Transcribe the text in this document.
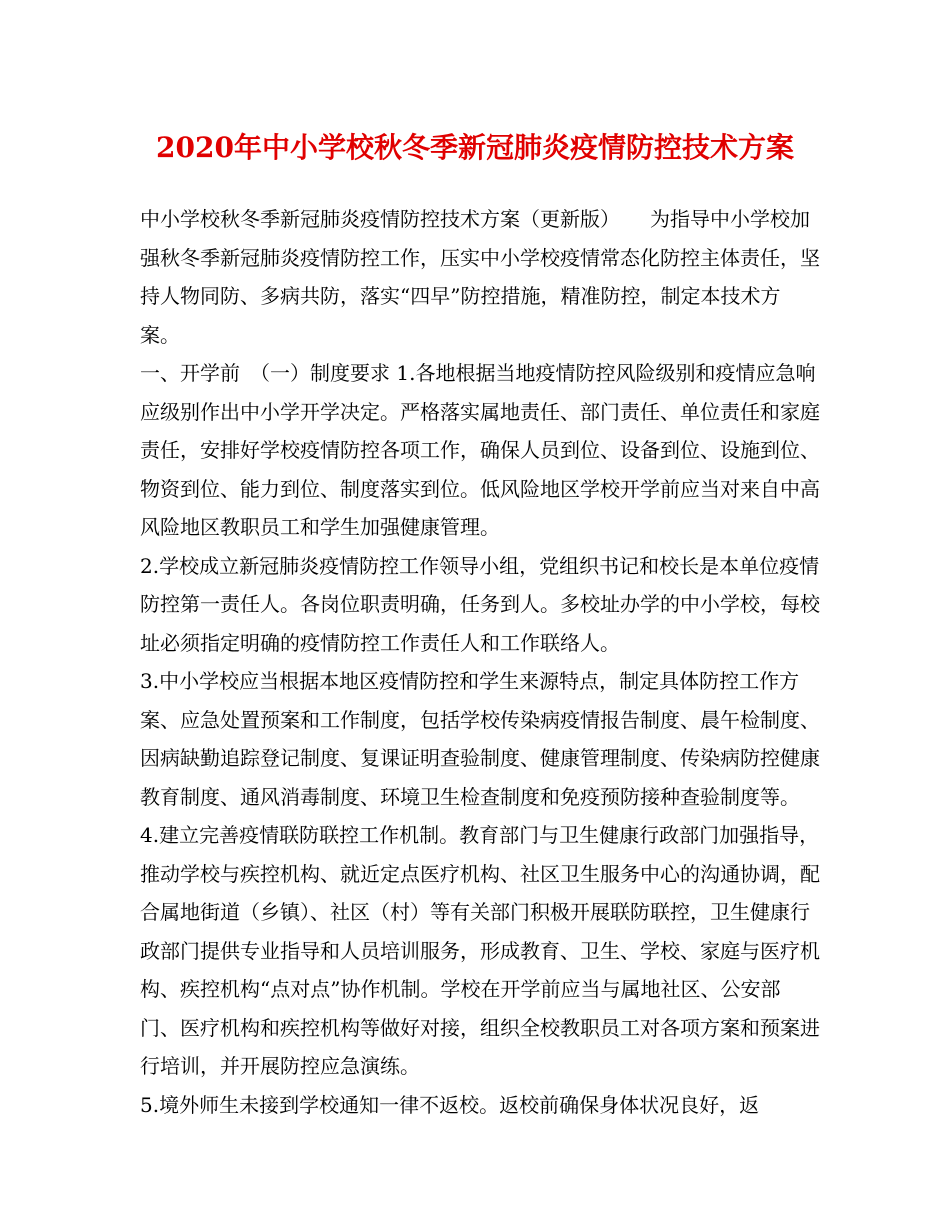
2020年中小学校秋冬季新冠肺炎疫情防控技术方案

中小学校秋冬季新冠肺炎疫情防控技术方案（更新版）　　为指导中小学校加强秋冬季新冠肺炎疫情防控工作，压实中小学校疫情常态化防控主体责任，坚持人物同防、多病共防，落实“四早”防控措施，精准防控，制定本技术方案。

一、开学前　（一）制度要求 1.各地根据当地疫情防控风险级别和疫情应急响应级别作出中小学开学决定。严格落实属地责任、部门责任、单位责任和家庭责任，安排好学校疫情防控各项工作，确保人员到位、设备到位、设施到位、物资到位、能力到位、制度落实到位。低风险地区学校开学前应当对来自中高风险地区教职员工和学生加强健康管理。

2.学校成立新冠肺炎疫情防控工作领导小组，党组织书记和校长是本单位疫情防控第一责任人。各岗位职责明确，任务到人。多校址办学的中小学校，每校址必须指定明确的疫情防控工作责任人和工作联络人。

3.中小学校应当根据本地区疫情防控和学生来源特点，制定具体防控工作方案、应急处置预案和工作制度，包括学校传染病疫情报告制度、晨午检制度、因病缺勤追踪登记制度、复课证明查验制度、健康管理制度、传染病防控健康教育制度、通风消毒制度、环境卫生检查制度和免疫预防接种查验制度等。

4.建立完善疫情联防联控工作机制。教育部门与卫生健康行政部门加强指导，推动学校与疾控机构、就近定点医疗机构、社区卫生服务中心的沟通协调，配合属地街道（乡镇）、社区（村）等有关部门积极开展联防联控，卫生健康行政部门提供专业指导和人员培训服务，形成教育、卫生、学校、家庭与医疗机构、疾控机构“点对点”协作机制。学校在开学前应当与属地社区、公安部门、医疗机构和疾控机构等做好对接，组织全校教职员工对各项方案和预案进行培训，并开展防控应急演练。

5.境外师生未接到学校通知一律不返校。返校前确保身体状况良好，返
